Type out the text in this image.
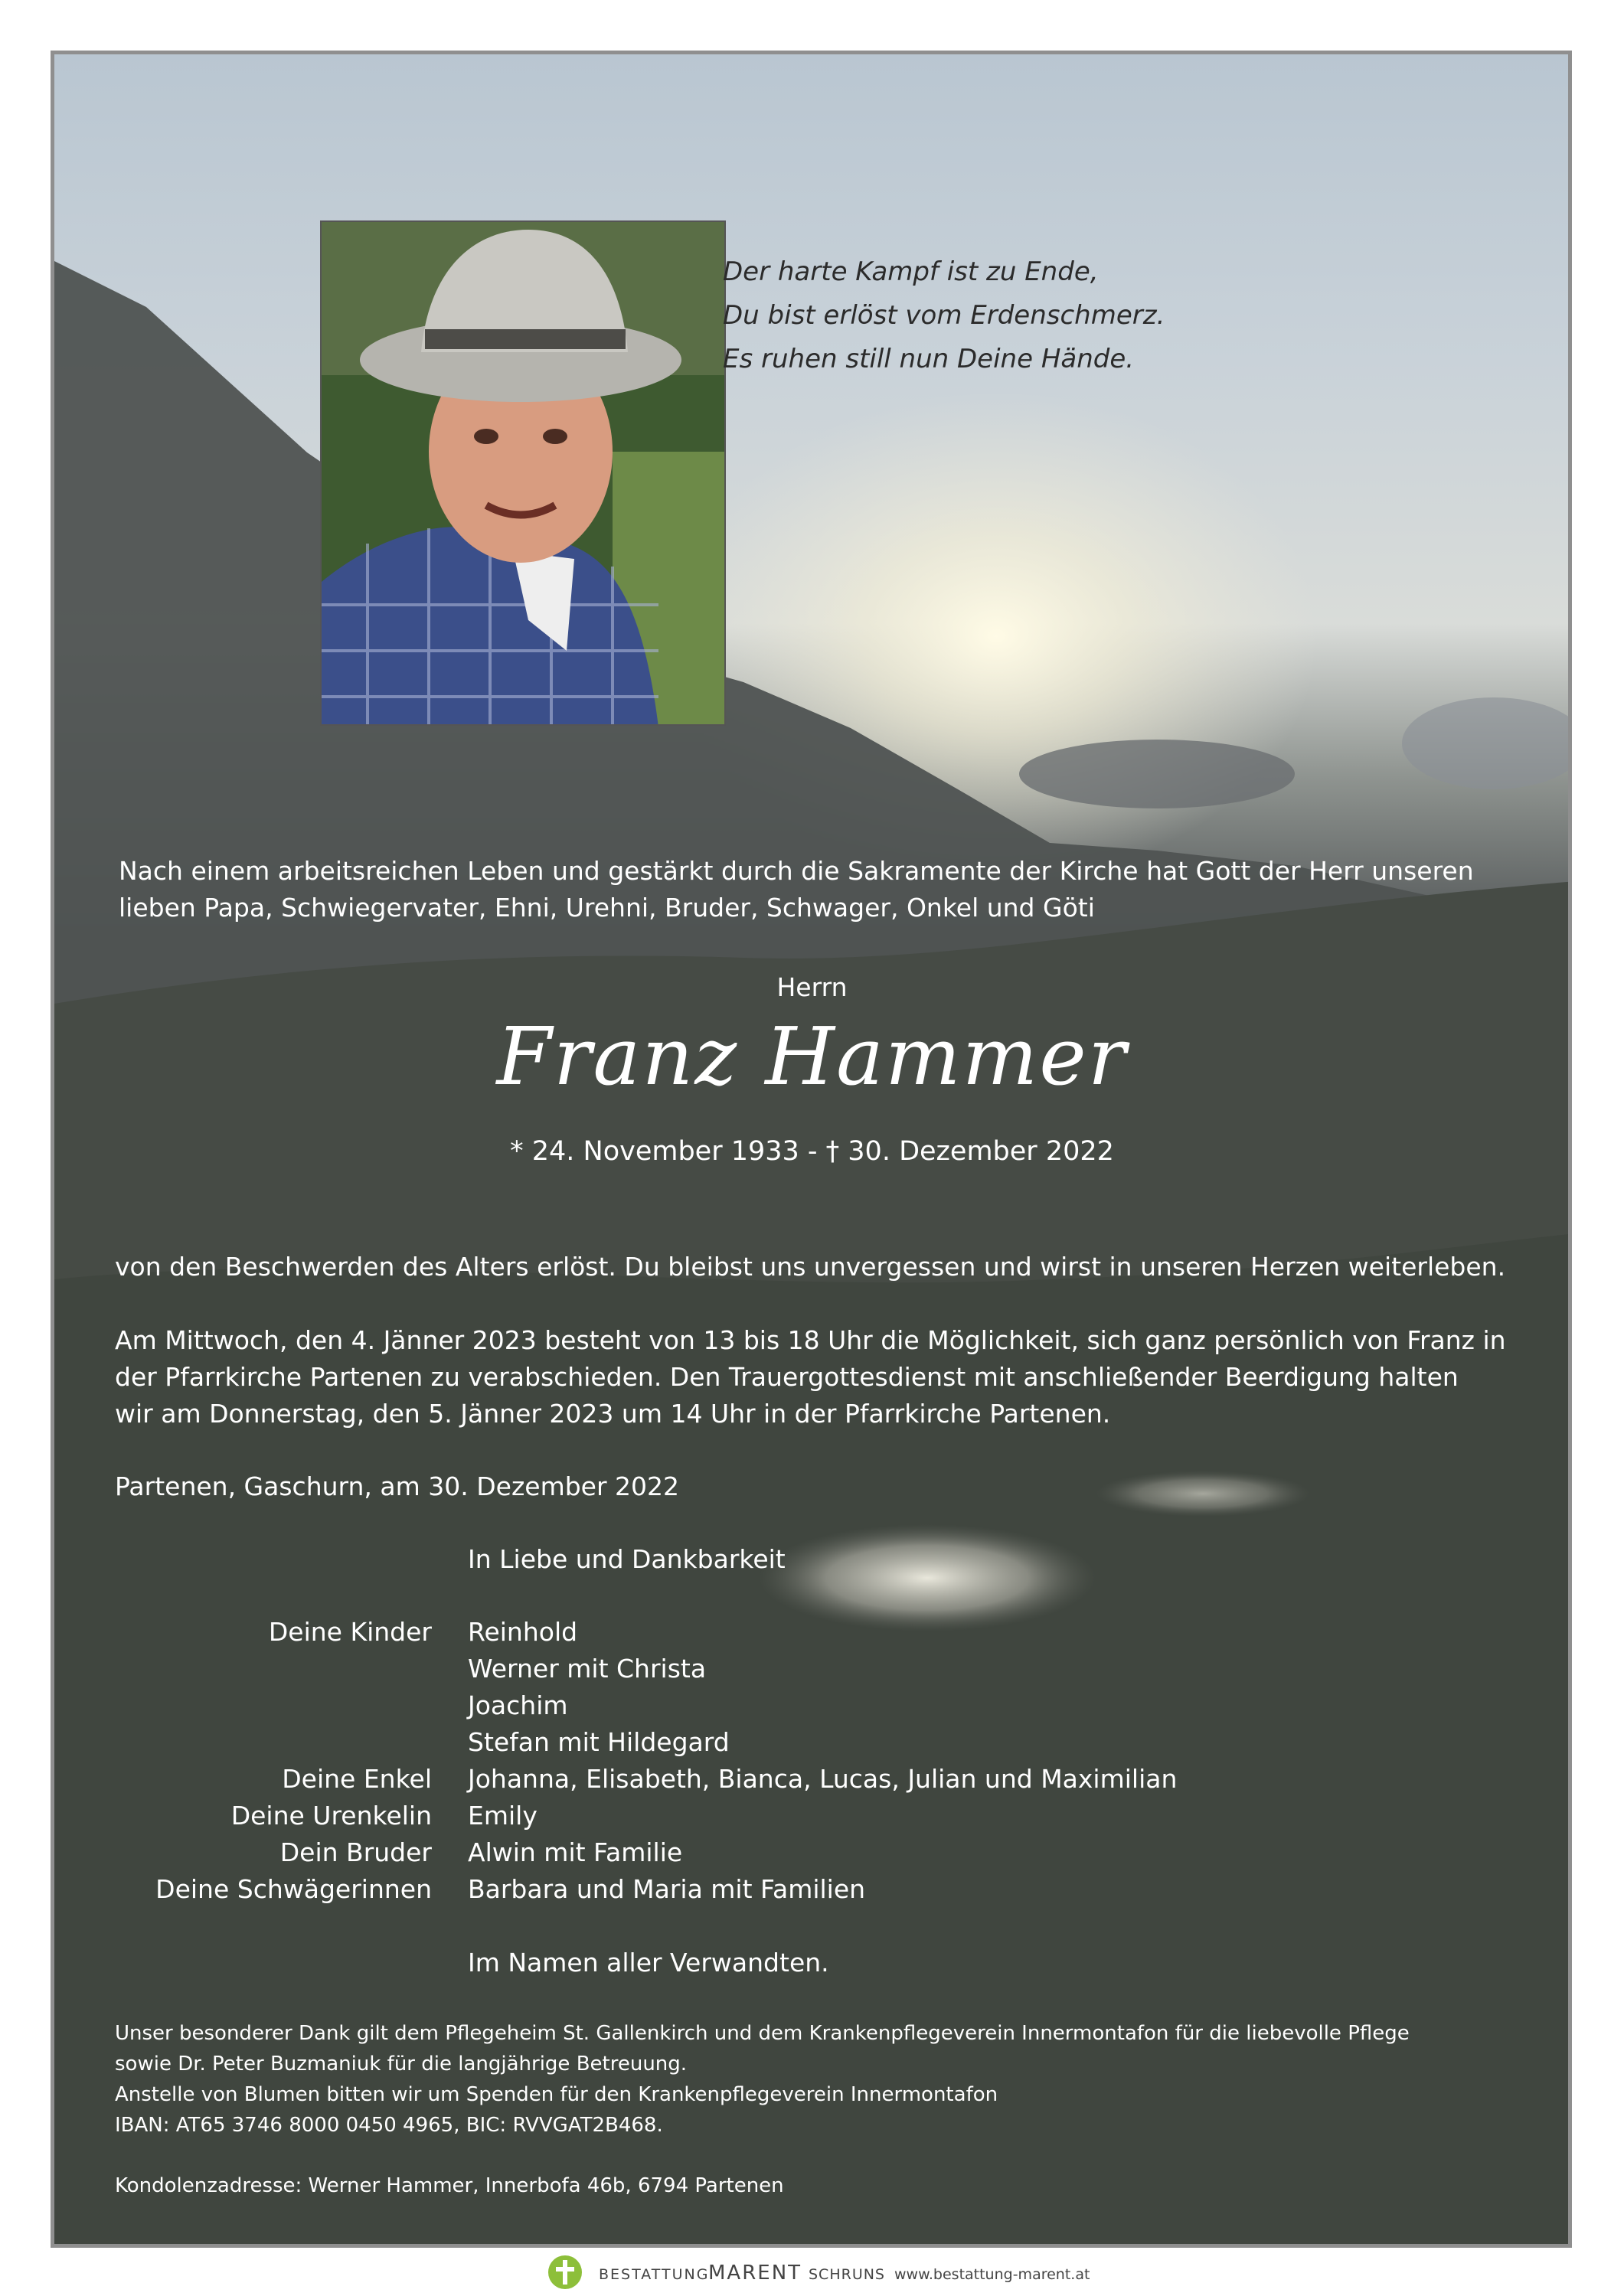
Der harte Kampf ist zu Ende,
Du bist erlöst vom Erdenschmerz.
Es ruhen still nun Deine Hände.
Nach einem arbeitsreichen Leben und gestärkt durch die Sakramente der Kirche hat Gott der Herr unseren
lieben Papa, Schwiegervater, Ehni, Urehni, Bruder, Schwager, Onkel und Göti
Herrn
Franz Hammer
* 24. November 1933 - † 30. Dezember 2022
von den Beschwerden des Alters erlöst. Du bleibst uns unvergessen und wirst in unseren Herzen weiterleben.
Am Mittwoch, den 4. Jänner 2023 besteht von 13 bis 18 Uhr die Möglichkeit, sich ganz persönlich von Franz in
der Pfarrkirche Partenen zu verabschieden. Den Trauergottesdienst mit anschließender Beerdigung halten
wir am Donnerstag, den 5. Jänner 2023 um 14 Uhr in der Pfarrkirche Partenen.
Partenen, Gaschurn, am 30. Dezember 2022
In Liebe und Dankbarkeit
Deine Kinder Reinhold
Werner mit Christa
Joachim
Stefan mit Hildegard
Deine Enkel Johanna, Elisabeth, Bianca, Lucas, Julian und Maximilian
Deine Urenkelin Emily
Dein Bruder Alwin mit Familie
Deine Schwägerinnen Barbara und Maria mit Familien
Im Namen aller Verwandten.
Unser besonderer Dank gilt dem Pflegeheim St. Gallenkirch und dem Krankenpflegeverein Innermontafon für die liebevolle Pflege
sowie Dr. Peter Buzmaniuk für die langjährige Betreuung.
Anstelle von Blumen bitten wir um Spenden für den Krankenpflegeverein Innermontafon
IBAN: AT65 3746 8000 0450 4965, BIC: RVVGAT2B468.
Kondolenzadresse: Werner Hammer, Innerbofa 46b, 6794 Partenen
BESTATTUNG
MARENT SCHRUNS www.bestattung-marent.at
